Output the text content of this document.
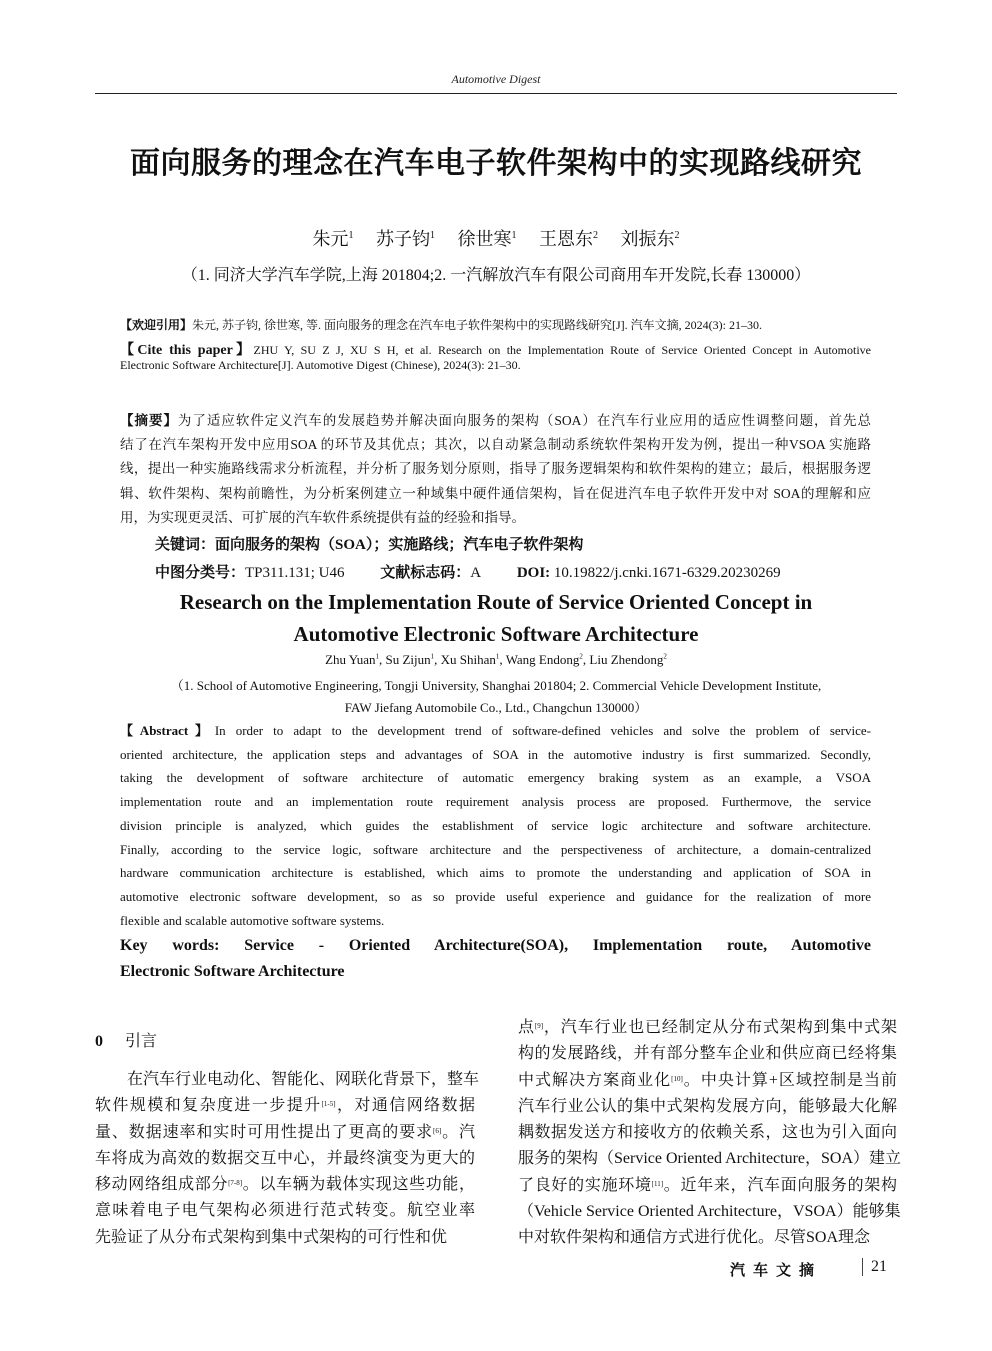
Automotive Digest
面向服务的理念在汽车电子软件架构中的实现路线研究
朱元$^1$ 苏子钧$^1$ 徐世寒$^1$ 王恩东$^2$ 刘振东$^2$
（1. 同济大学汽车学院,上海 201804;2. 一汽解放汽车有限公司商用车开发院,长春 130000）
【欢迎引用】朱元, 苏子钧, 徐世寒, 等. 面向服务的理念在汽车电子软件架构中的实现路线研究[J]. 汽车文摘, 2024(3): 21–30.
【Cite this paper】ZHU Y, SU Z J, XU S H, et al. Research on the Implementation Route of Service Oriented Concept in Automotive
Electronic Software Architecture[J]. Automotive Digest (Chinese), 2024(3): 21–30.
【摘要】为了适应软件定义汽车的发展趋势并解决面向服务的架构（SOA）在汽车行业应用的适应性调整问题，首先总
结了在汽车架构开发中应用SOA 的环节及其优点；其次，以自动紧急制动系统软件架构开发为例，提出一种VSOA 实施路
线，提出一种实施路线需求分析流程，并分析了服务划分原则，指导了服务逻辑架构和软件架构的建立；最后，根据服务逻
辑、软件架构、架构前瞻性，为分析案例建立一种域集中硬件通信架构，旨在促进汽车电子软件开发中对 SOA的理解和应
用，为实现更灵活、可扩展的汽车软件系统提供有益的经验和指导。
关键词：面向服务的架构（SOA）；实施路线；汽车电子软件架构
中图分类号：TP311.131; U46 文献标志码：A DOI: 10.19822/j.cnki.1671-6329.20230269
Research on the Implementation Route of Service Oriented Concept in
Automotive Electronic Software Architecture
Zhu Yuan$^1$, Su Zijun$^1$, Xu Shihan$^1$, Wang Endong$^2$, Liu Zhendong$^2$
（1. School of Automotive Engineering, Tongji University, Shanghai 201804; 2. Commercial Vehicle Development Institute,
FAW Jiefang Automobile Co., Ltd., Changchun 130000）
【Abstract】In order to adapt to the development trend of software-defined vehicles and solve the problem of service-
oriented architecture, the application steps and advantages of SOA in the automotive industry is first summarized. Secondly,
taking the development of software architecture of automatic emergency braking system as an example, a VSOA
implementation route and an implementation route requirement analysis process are proposed. Furthermove, the service
division principle is analyzed, which guides the establishment of service logic architecture and software architecture.
Finally, according to the service logic, software architecture and the perspectiveness of architecture, a domain-centralized
hardware communication architecture is established, which aims to promote the understanding and application of SOA in
automotive electronic software development, so as so provide useful experience and guidance for the realization of more
flexible and scalable automotive software systems.
Key words: Service - Oriented Architecture(SOA), Implementation route, Automotive
Electronic Software Architecture
0 引言
　　在汽车行业电动化、智能化、网联化背景下，整车
软件规模和复杂度进一步提升[1-5]，对通信网络数据
量、数据速率和实时可用性提出了更高的要求[6]。汽
车将成为高效的数据交互中心，并最终演变为更大的
移动网络组成部分[7-8]。以车辆为载体实现这些功能，
意味着电子电气架构必须进行范式转变。航空业率
先验证了从分布式架构到集中式架构的可行性和优
点[9]，汽车行业也已经制定从分布式架构到集中式架
构的发展路线，并有部分整车企业和供应商已经将集
中式解决方案商业化[10]。中央计算+区域控制是当前
汽车行业公认的集中式架构发展方向，能够最大化解
耦数据发送方和接收方的依赖关系，这也为引入面向
服务的架构（Service Oriented Architecture，SOA）建立
了良好的实施环境[11]。近年来，汽车面向服务的架构
（Vehicle Service Oriented Architecture，VSOA）能够集
中对软件架构和通信方式进行优化。尽管SOA理念
汽车文摘	21
